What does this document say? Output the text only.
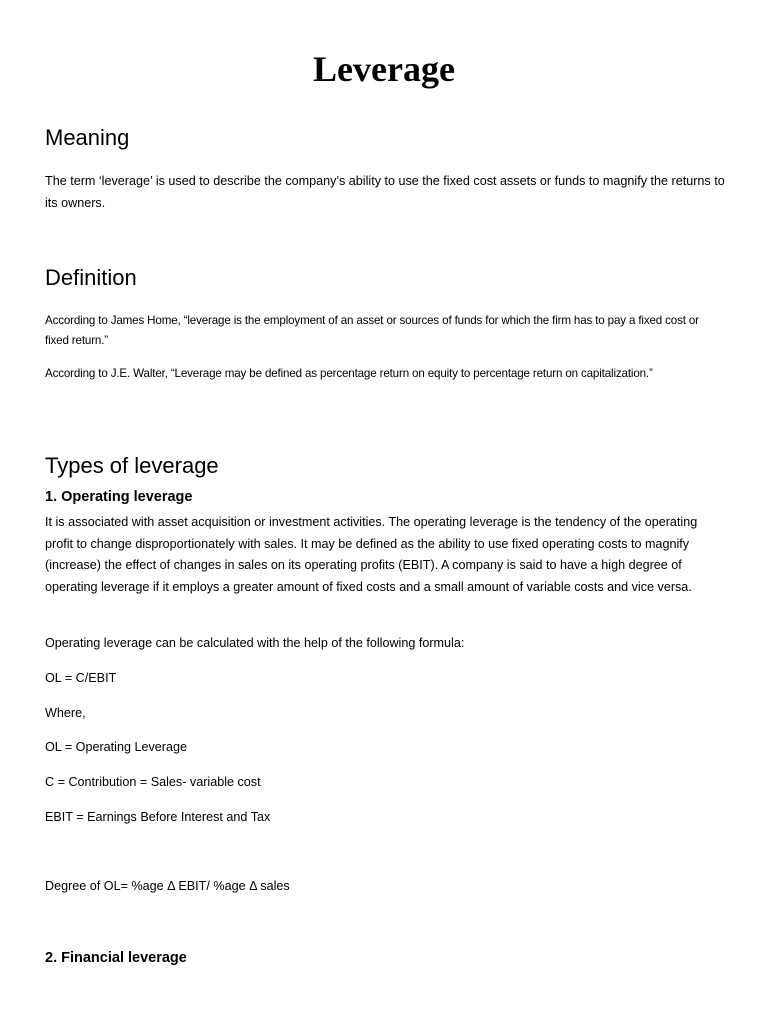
Leverage
Meaning

The term ‘leverage’ is used to describe the company’s ability to use the fixed cost assets or funds to magnify the returns to its owners.

Definition

According to James Home, “leverage is the employment of an asset or sources of funds for which the firm has to pay a fixed cost or fixed return.”

According to J.E. Walter, “Leverage may be defined as percentage return on equity to percentage return on capitalization.”

Types of leverage
1. Operating leverage

It is associated with asset acquisition or investment activities. The operating leverage is the tendency of the operating profit to change disproportionately with sales. It may be defined as the ability to use fixed operating costs to magnify (increase) the effect of changes in sales on its operating profits (EBIT). A company is said to have a high degree of operating leverage if it employs a greater amount of fixed costs and a small amount of variable costs and vice versa.

Operating leverage can be calculated with the help of the following formula:

OL = C/EBIT

Where,

OL = Operating Leverage

C = Contribution = Sales- variable cost

EBIT = Earnings Before Interest and Tax

Degree of OL= %age Δ EBIT/ %age Δ sales

2. Financial leverage
